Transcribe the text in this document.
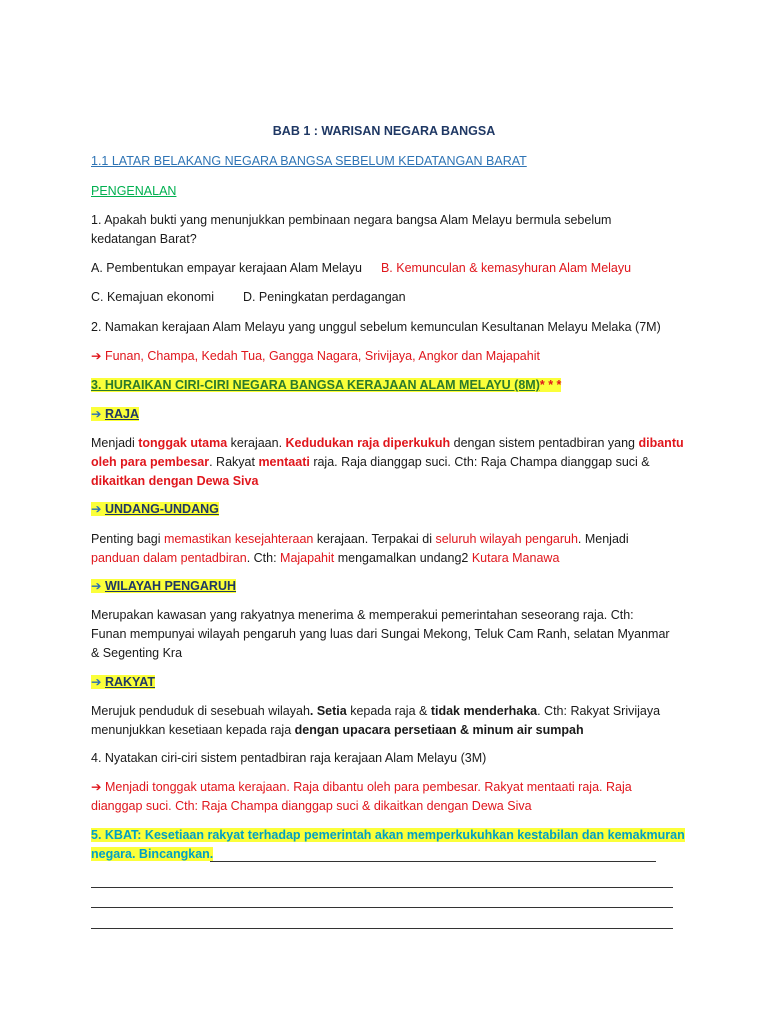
BAB 1 : WARISAN NEGARA BANGSA
1.1 LATAR BELAKANG NEGARA BANGSA SEBELUM KEDATANGAN BARAT
PENGENALAN
1. Apakah bukti yang menunjukkan pembinaan negara bangsa Alam Melayu bermula sebelum
kedatangan Barat?
A. Pembentukan empayar kerajaan Alam Melayu B. Kemunculan & kemasyhuran Alam Melayu
C. Kemajuan ekonomi D. Peningkatan perdagangan
2. Namakan kerajaan Alam Melayu yang unggul sebelum kemunculan Kesultanan Melayu Melaka (7M)
➔ Funan, Champa, Kedah Tua, Gangga Nagara, Srivijaya, Angkor dan Majapahit
3. HURAIKAN CIRI-CIRI NEGARA BANGSA KERAJAAN ALAM MELAYU (8M)* * *
➔ RAJA
Menjadi tonggak utama kerajaan. Kedudukan raja diperkukuh dengan sistem pentadbiran yang dibantu
oleh para pembesar. Rakyat mentaati raja. Raja dianggap suci. Cth: Raja Champa dianggap suci &
dikaitkan dengan Dewa Siva
➔ UNDANG-UNDANG
Penting bagi memastikan kesejahteraan kerajaan. Terpakai di seluruh wilayah pengaruh. Menjadi
panduan dalam pentadbiran. Cth: Majapahit mengamalkan undang2 Kutara Manawa
➔ WILAYAH PENGARUH
Merupakan kawasan yang rakyatnya menerima & memperakui pemerintahan seseorang raja. Cth:
Funan mempunyai wilayah pengaruh yang luas dari Sungai Mekong, Teluk Cam Ranh, selatan Myanmar
& Segenting Kra
➔ RAKYAT
Merujuk penduduk di sesebuah wilayah. Setia kepada raja & tidak menderhaka. Cth: Rakyat Srivijaya
menunjukkan kesetiaan kepada raja dengan upacara persetiaan & minum air sumpah
4. Nyatakan ciri-ciri sistem pentadbiran raja kerajaan Alam Melayu (3M)
➔ Menjadi tonggak utama kerajaan. Raja dibantu oleh para pembesar. Rakyat mentaati raja. Raja
dianggap suci. Cth: Raja Champa dianggap suci & dikaitkan dengan Dewa Siva
5. KBAT: Kesetiaan rakyat terhadap pemerintah akan memperkukuhkan kestabilan dan kemakmuran
negara. Bincangkan.
